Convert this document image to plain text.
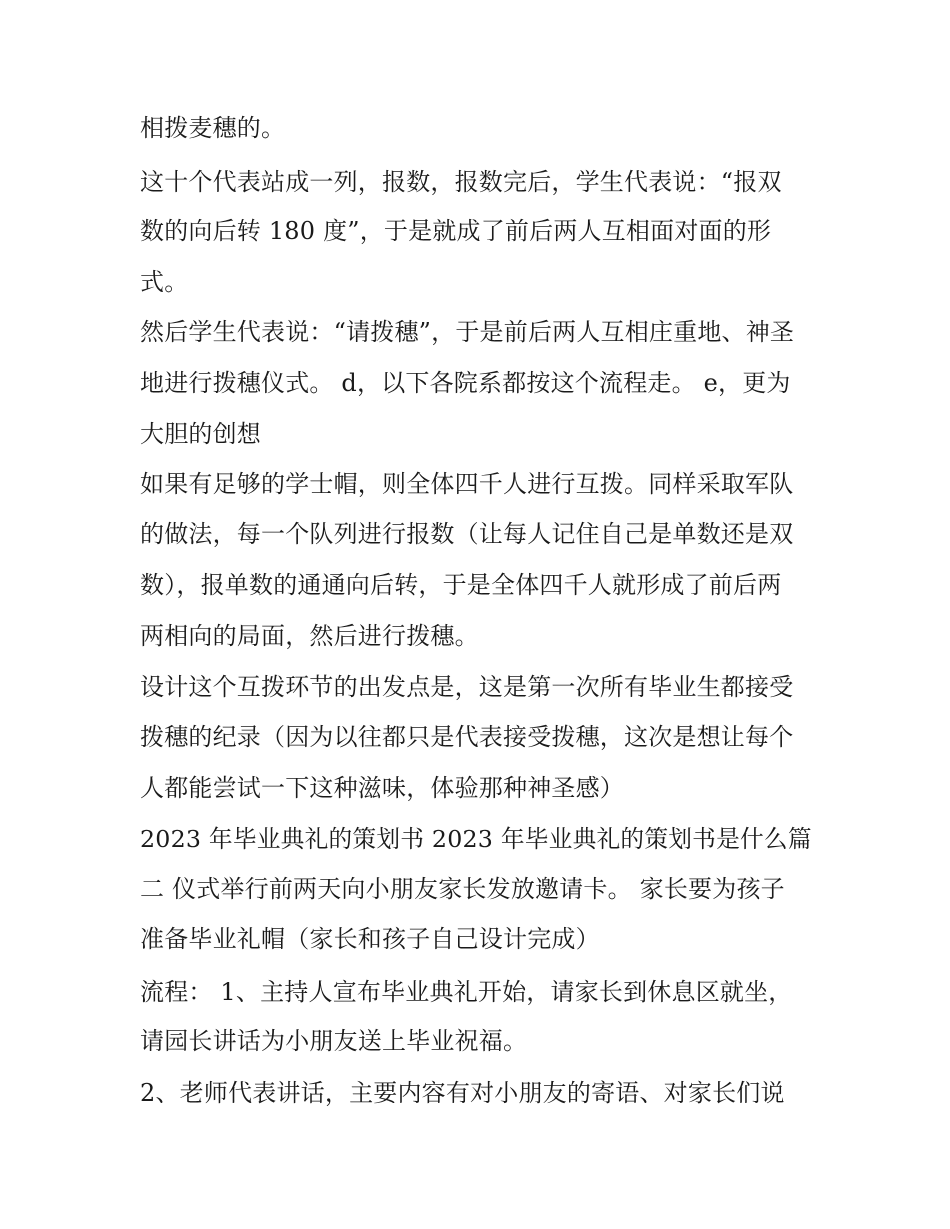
相拨麦穗的。

这十个代表站成一列，报数，报数完后，学生代表说：“报双

数的向后转 180 度”，于是就成了前后两人互相面对面的形

式。

然后学生代表说：“请拨穗”，于是前后两人互相庄重地、神圣

地进行拨穗仪式。 d，以下各院系都按这个流程走。 e，更为

大胆的创想

如果有足够的学士帽，则全体四千人进行互拨。同样采取军队

的做法，每一个队列进行报数（让每人记住自己是单数还是双

数），报单数的通通向后转，于是全体四千人就形成了前后两

两相向的局面，然后进行拨穗。

设计这个互拨环节的出发点是，这是第一次所有毕业生都接受

拨穗的纪录（因为以往都只是代表接受拨穗，这次是想让每个

人都能尝试一下这种滋味，体验那种神圣感）

2023 年毕业典礼的策划书 2023 年毕业典礼的策划书是什么篇

二 仪式举行前两天向小朋友家长发放邀请卡。 家长要为孩子

准备毕业礼帽（家长和孩子自己设计完成）

流程： 1、主持人宣布毕业典礼开始，请家长到休息区就坐，

请园长讲话为小朋友送上毕业祝福。

2、老师代表讲话，主要内容有对小朋友的寄语、对家长们说
